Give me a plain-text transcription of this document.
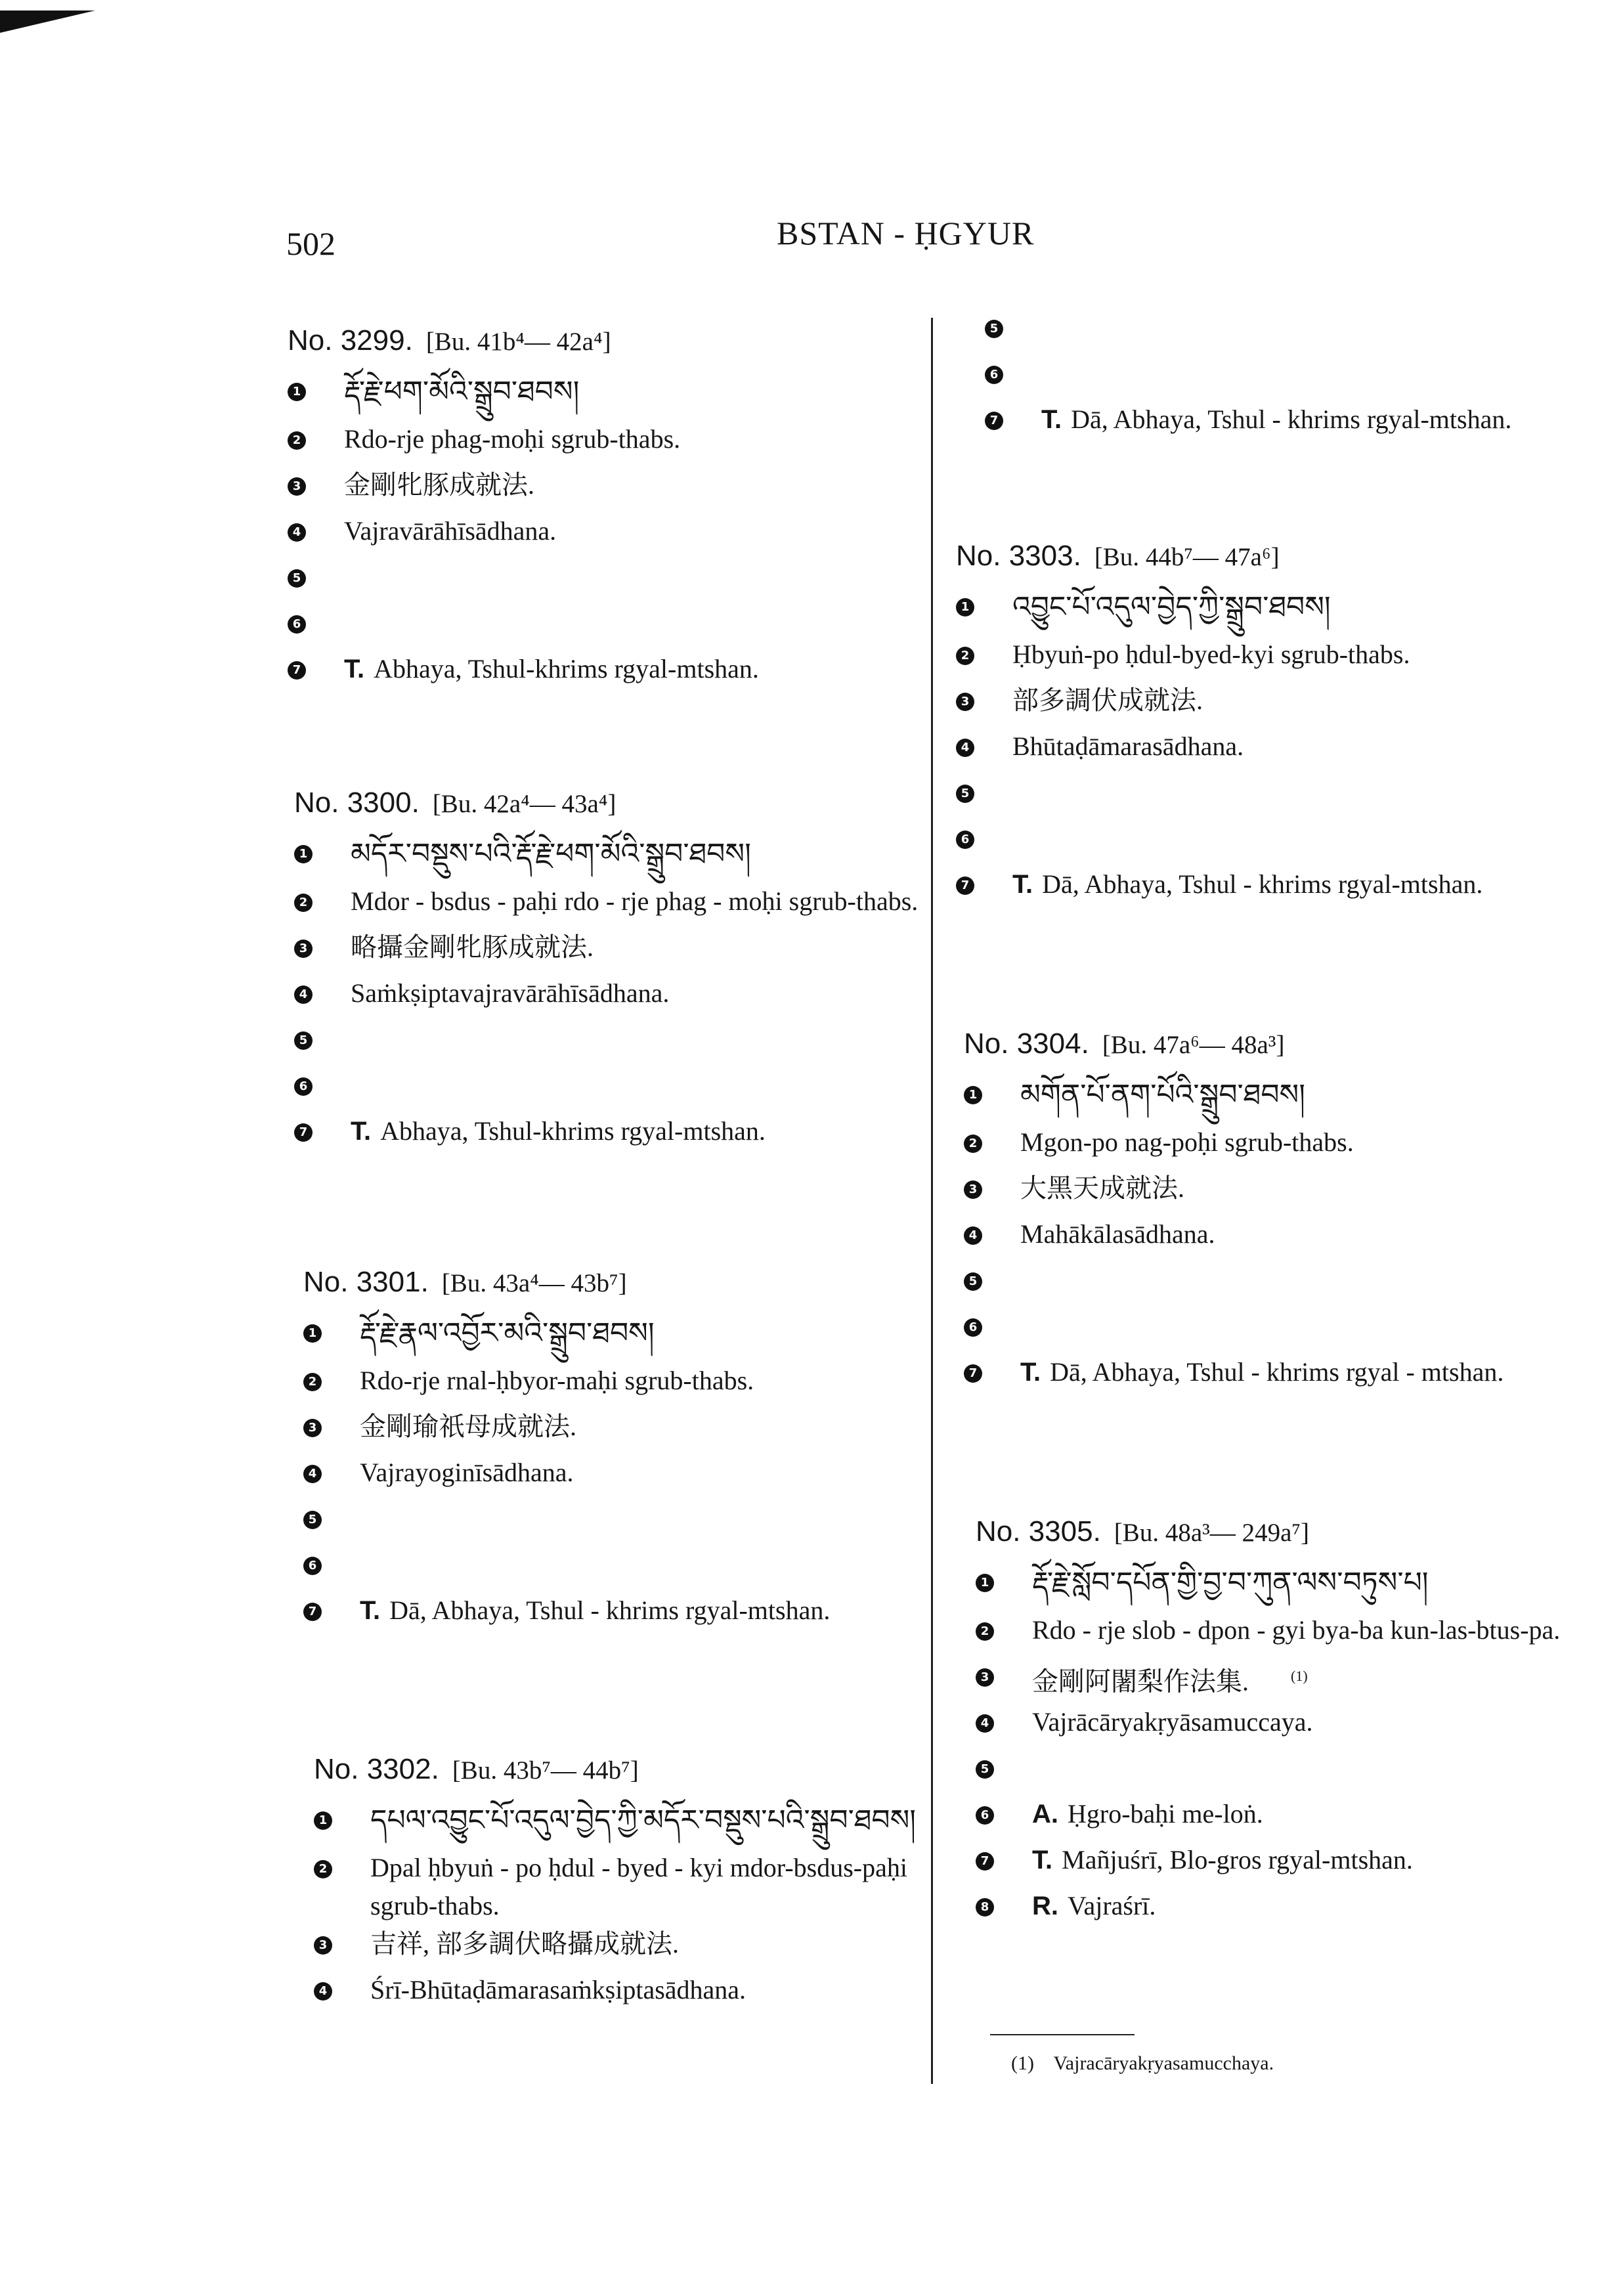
502	BSTAN - ḤGYUR
No. 3299. [Bu. 41b⁴— 42a⁴]
1 རྡོ་རྗེ་ཕག་མོའི་སྒྲུབ་ཐབས།
2 Rdo-rje phag-moḥi sgrub-thabs.
3 金剛牝豚成就法.
4 Vajravārāhīsādhana.
5
6
7 T. Abhaya, Tshul-khrims rgyal-mtshan.
No. 3300. [Bu. 42a⁴— 43a⁴]
1 མདོར་བསྡུས་པའི་རྡོ་རྗེ་ཕག་མོའི་སྒྲུབ་ཐབས།
2 Mdor - bsdus - paḥi rdo - rje phag - moḥi sgrub-thabs.
3 略攝金剛牝豚成就法.
4 Saṁkṣiptavajravārāhīsādhana.
5
6
7 T. Abhaya, Tshul-khrims rgyal-mtshan.
No. 3301. [Bu. 43a⁴— 43b⁷]
1 རྡོ་རྗེ་རྣལ་འབྱོར་མའི་སྒྲུབ་ཐབས།
2 Rdo-rje rnal-ḥbyor-maḥi sgrub-thabs.
3 金剛瑜祇母成就法.
4 Vajrayoginīsādhana.
5
6
7 T. Dā, Abhaya, Tshul - khrims rgyal-mtshan.
No. 3302. [Bu. 43b⁷— 44b⁷]
1 དཔལ་འབྱུང་པོ་འདུལ་བྱེད་ཀྱི་མདོར་བསྡུས་པའི་སྒྲུབ་ཐབས།
2 Dpal ḥbyuṅ - po ḥdul - byed - kyi mdor-bsdus-paḥi sgrub-thabs.
3 吉祥, 部多調伏略攝成就法.
4 Śrī-Bhūtaḍāmarasaṁkṣiptasādhana.
5
6
7 T. Dā, Abhaya, Tshul - khrims rgyal-mtshan.
No. 3303. [Bu. 44b⁷— 47a⁶]
1 འབྱུང་པོ་འདུལ་བྱེད་ཀྱི་སྒྲུབ་ཐབས།
2 Ḥbyuṅ-po ḥdul-byed-kyi sgrub-thabs.
3 部多調伏成就法.
4 Bhūtaḍāmarasādhana.
5
6
7 T. Dā, Abhaya, Tshul - khrims rgyal-mtshan.
No. 3304. [Bu. 47a⁶— 48a³]
1 མགོན་པོ་ནག་པོའི་སྒྲུབ་ཐབས།
2 Mgon-po nag-poḥi sgrub-thabs.
3 大黑天成就法.
4 Mahākālasādhana.
5
6
7 T. Dā, Abhaya, Tshul - khrims rgyal - mtshan.
No. 3305. [Bu. 48a³— 249a⁷]
1 རྡོ་རྗེ་སློབ་དཔོན་གྱི་བྱ་བ་ཀུན་ལས་བཏུས་པ།
2 Rdo - rje slob - dpon - gyi bya-ba kun-las-btus-pa.
3 金剛阿闍梨作法集.	$^{(1)}$
4 Vajrācāryakṛyāsamuccaya.
5
6 A. Ḥgro-baḥi me-loṅ.
7 T. Mañjuśrī, Blo-gros rgyal-mtshan.
8 R. Vajraśrī.
(1) Vajracāryakṛyasamucchaya.
